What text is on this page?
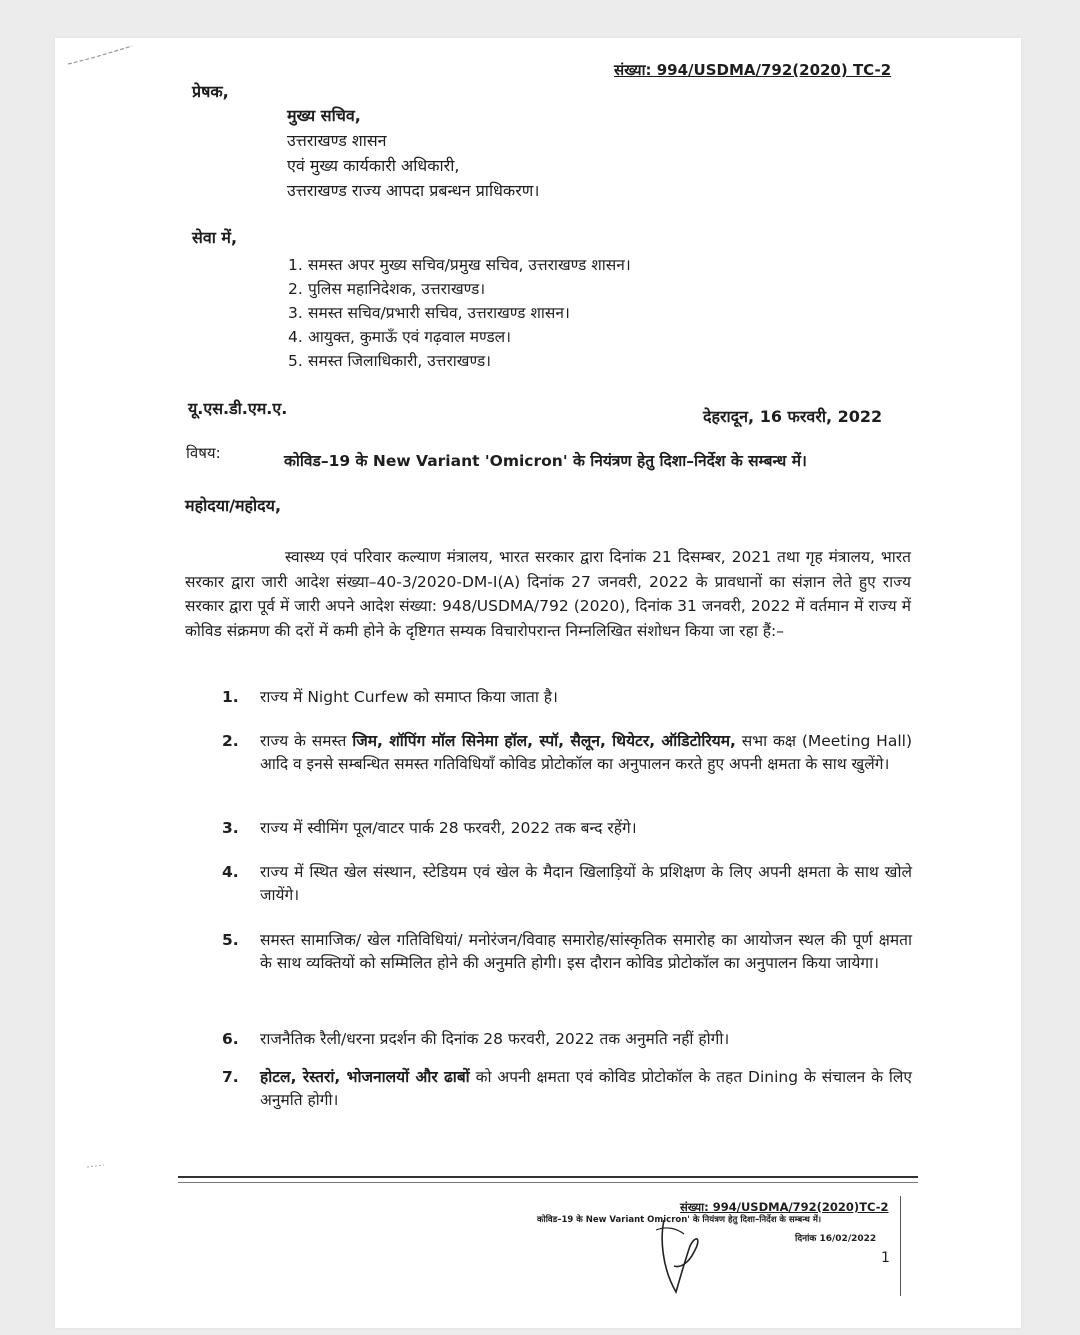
संख्या: 994/USDMA/792(2020) TC-2
प्रेषक,
मुख्य सचिव,
उत्तराखण्ड शासन
एवं मुख्य कार्यकारी अधिकारी,
उत्तराखण्ड राज्य आपदा प्रबन्धन प्राधिकरण।
सेवा में,
1. समस्त अपर मुख्य सचिव/प्रमुख सचिव, उत्तराखण्ड शासन।
2. पुलिस महानिदेशक, उत्तराखण्ड।
3. समस्त सचिव/प्रभारी सचिव, उत्तराखण्ड शासन।
4. आयुक्त, कुमाऊँ एवं गढ़वाल मण्डल।
5. समस्त जिलाधिकारी, उत्तराखण्ड।
यू.एस.डी.एम.ए.	देहरादून, 16 फरवरी, 2022
विषय:	कोविड–19 के New Variant 'Omicron' के नियंत्रण हेतु दिशा–निर्देश के सम्बन्ध में।
महोदया/महोदय,
स्वास्थ्य एवं परिवार कल्याण मंत्रालय, भारत सरकार द्वारा दिनांक 21 दिसम्बर, 2021 तथा गृह मंत्रालय, भारत सरकार द्वारा जारी आदेश संख्या–40-3/2020-DM-I(A) दिनांक 27 जनवरी, 2022 के प्रावधानों का संज्ञान लेते हुए राज्य सरकार द्वारा पूर्व में जारी अपने आदेश संख्या: 948/USDMA/792 (2020), दिनांक 31 जनवरी, 2022 में वर्तमान में राज्य में कोविड संक्रमण की दरों में कमी होने के दृष्टिगत सम्यक विचारोपरान्त निम्नलिखित संशोधन किया जा रहा हैं:–
1. राज्य में Night Curfew को समाप्त किया जाता है।
2. राज्य के समस्त जिम, शॉपिंग मॉल सिनेमा हॉल, स्पॉ, सैलून, थियेटर, ऑडिटोरियम, सभा कक्ष (Meeting Hall) आदि व इनसे सम्बन्धित समस्त गतिविधियाँ कोविड प्रोटोकॉल का अनुपालन करते हुए अपनी क्षमता के साथ खुलेंगे।
3. राज्य में स्वीमिंग पूल/वाटर पार्क 28 फरवरी, 2022 तक बन्द रहेंगे।
4. राज्य में स्थित खेल संस्थान, स्टेडियम एवं खेल के मैदान खिलाड़ियों के प्रशिक्षण के लिए अपनी क्षमता के साथ खोले जायेंगे।
5. समस्त सामाजिक/ खेल गतिविधियां/ मनोरंजन/विवाह समारोह/सांस्कृतिक समारोह का आयोजन स्थल की पूर्ण क्षमता के साथ व्यक्तियों को सम्मिलित होने की अनुमति होगी। इस दौरान कोविड प्रोटोकॉल का अनुपालन किया जायेगा।
6. राजनैतिक रैली/धरना प्रदर्शन की दिनांक 28 फरवरी, 2022 तक अनुमति नहीं होगी।
7. होटल, रेस्तरां, भोजनालयों और ढाबों को अपनी क्षमता एवं कोविड प्रोटोकॉल के तहत Dining के संचालन के लिए अनुमति होगी।
संख्या: 994/USDMA/792(2020)TC-2
कोविड–19 के New Variant Omicron' के नियंत्रण हेतु दिशा–निर्देश के सम्बन्ध में।
दिनांक 16/02/2022
1
